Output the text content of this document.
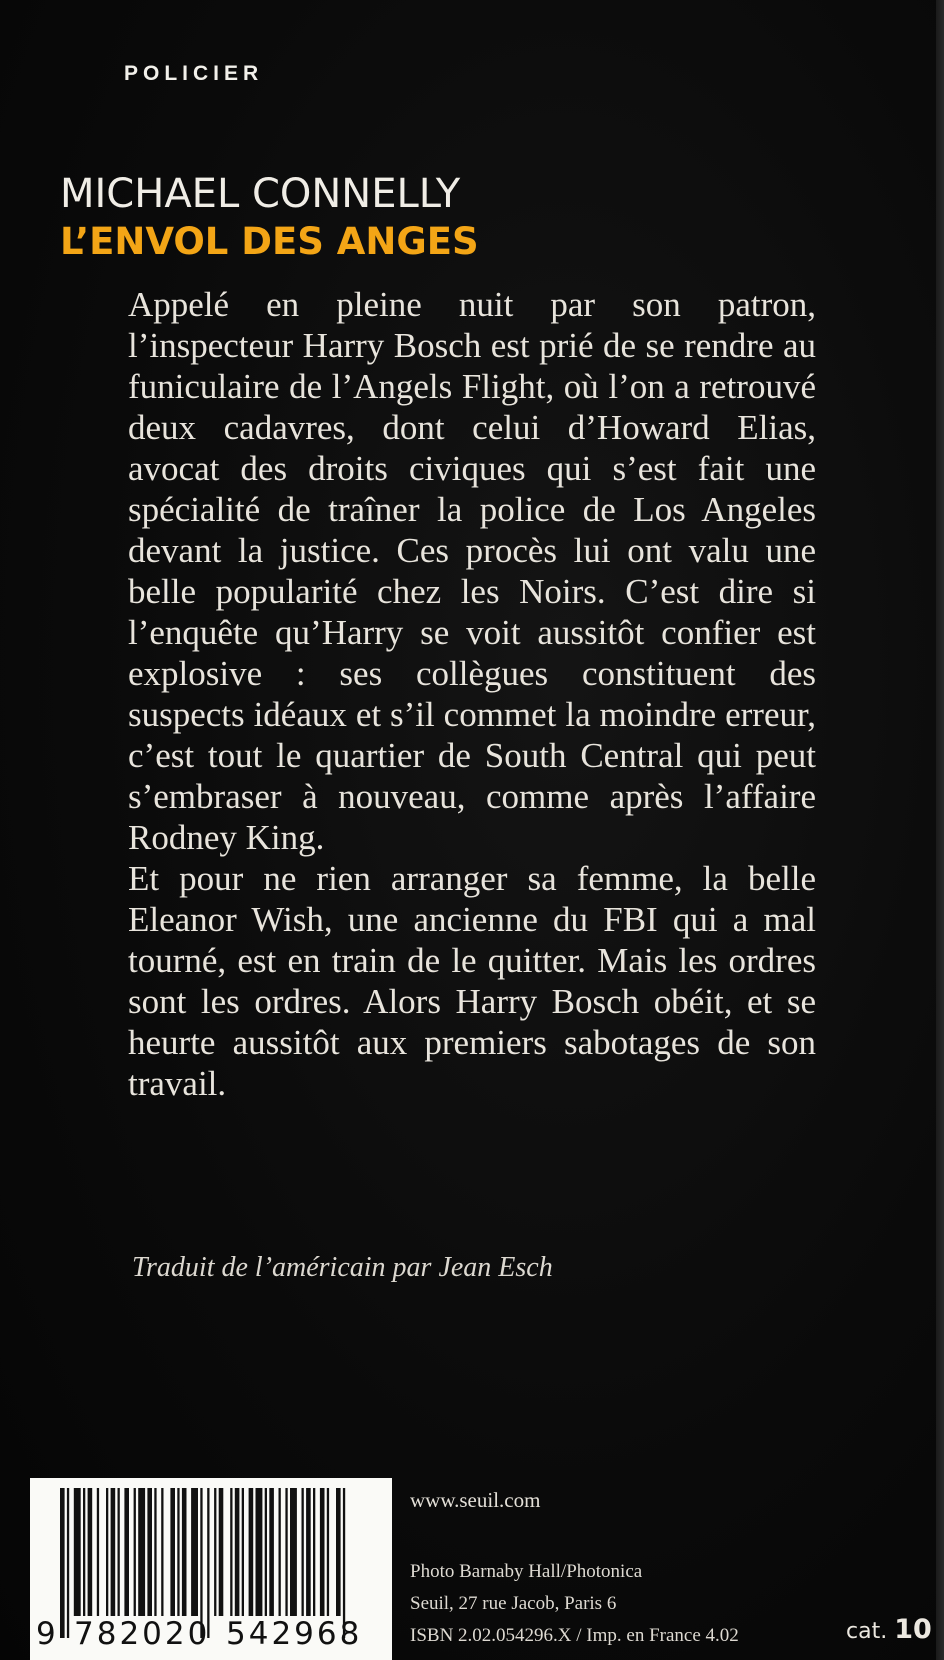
POLICIER
MICHAEL CONNELLY
L’ENVOL DES ANGES

Appelé en pleine nuit par son patron, l’inspecteur Harry Bosch est prié de se rendre au funiculaire de l’Angels Flight, où l’on a retrouvé deux cadavres, dont celui d’Howard Elias, avocat des droits civiques qui s’est fait une spécialité de traîner la police de Los Angeles devant la justice. Ces procès lui ont valu une belle popularité chez les Noirs. C’est dire si l’enquête qu’Harry se voit aussitôt confier est explosive : ses collègues constituent des suspects idéaux et s’il commet la moindre erreur, c’est tout le quartier de South Central qui peut s’embraser à nouveau, comme après l’affaire Rodney King.

Et pour ne rien arranger sa femme, la belle Eleanor Wish, une ancienne du FBI qui a mal tourné, est en train de le quitter. Mais les ordres sont les ordres. Alors Harry Bosch obéit, et se heurte aussitôt aux premiers sabotages de son travail.

Traduit de l’américain par Jean Esch
9 782020 542968
www.seuil.com
Photo Barnaby Hall/Photonica
Seuil, 27 rue Jacob, Paris 6
ISBN 2.02.054296.X / Imp. en France 4.02	cat. 10
